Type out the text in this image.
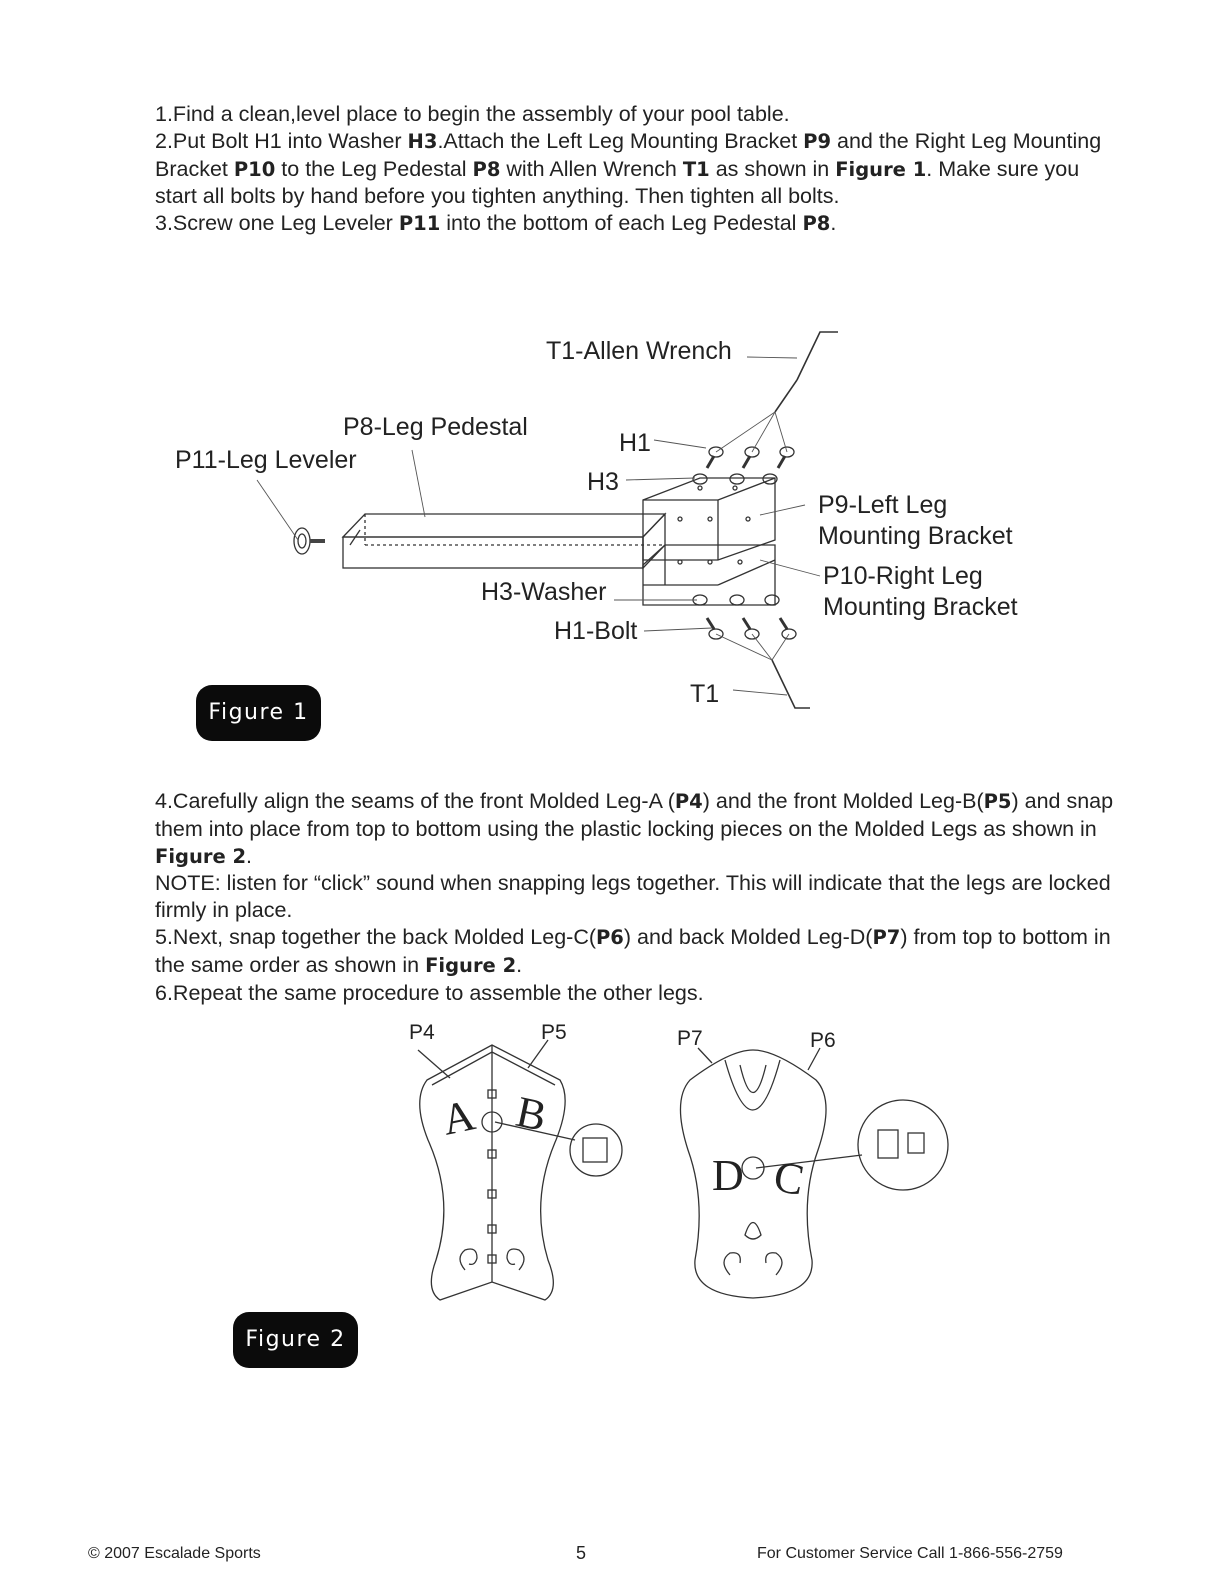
1.Find a clean,level place to begin the assembly of your pool table.

2.Put Bolt H1 into Washer H3.Attach the Left Leg Mounting Bracket P9 and the Right Leg Mounting Bracket P10 to the Leg Pedestal P8 with Allen Wrench T1 as shown in Figure 1. Make sure you start all bolts by hand before you tighten anything. Then tighten all bolts.

3.Screw one Leg Leveler P11 into the bottom of each Leg Pedestal P8.

A B
D C
T1-Allen Wrench
P8-Leg Pedestal
P11-Leg Leveler
H1
H3
P9-Left Leg
Mounting Bracket
P10-Right Leg
Mounting Bracket
H3-Washer
H1-Bolt
T1
Figure 1

4.Carefully align the seams of the front Molded Leg-A (P4) and the front Molded Leg-B(P5) and snap them into place from top to bottom using the plastic locking pieces on the Molded Legs as shown in Figure 2.

NOTE: listen for “click” sound when snapping legs together. This will indicate that the legs are locked firmly in place.

5.Next, snap together the back Molded Leg-C(P6) and back Molded Leg-D(P7) from top to bottom in the same order as shown in Figure 2.

6.Repeat the same procedure to assemble the other legs.

P4	P5	P7	P6
Figure 2
© 2007 Escalade Sports	5	For Customer Service Call 1-866-556-2759
